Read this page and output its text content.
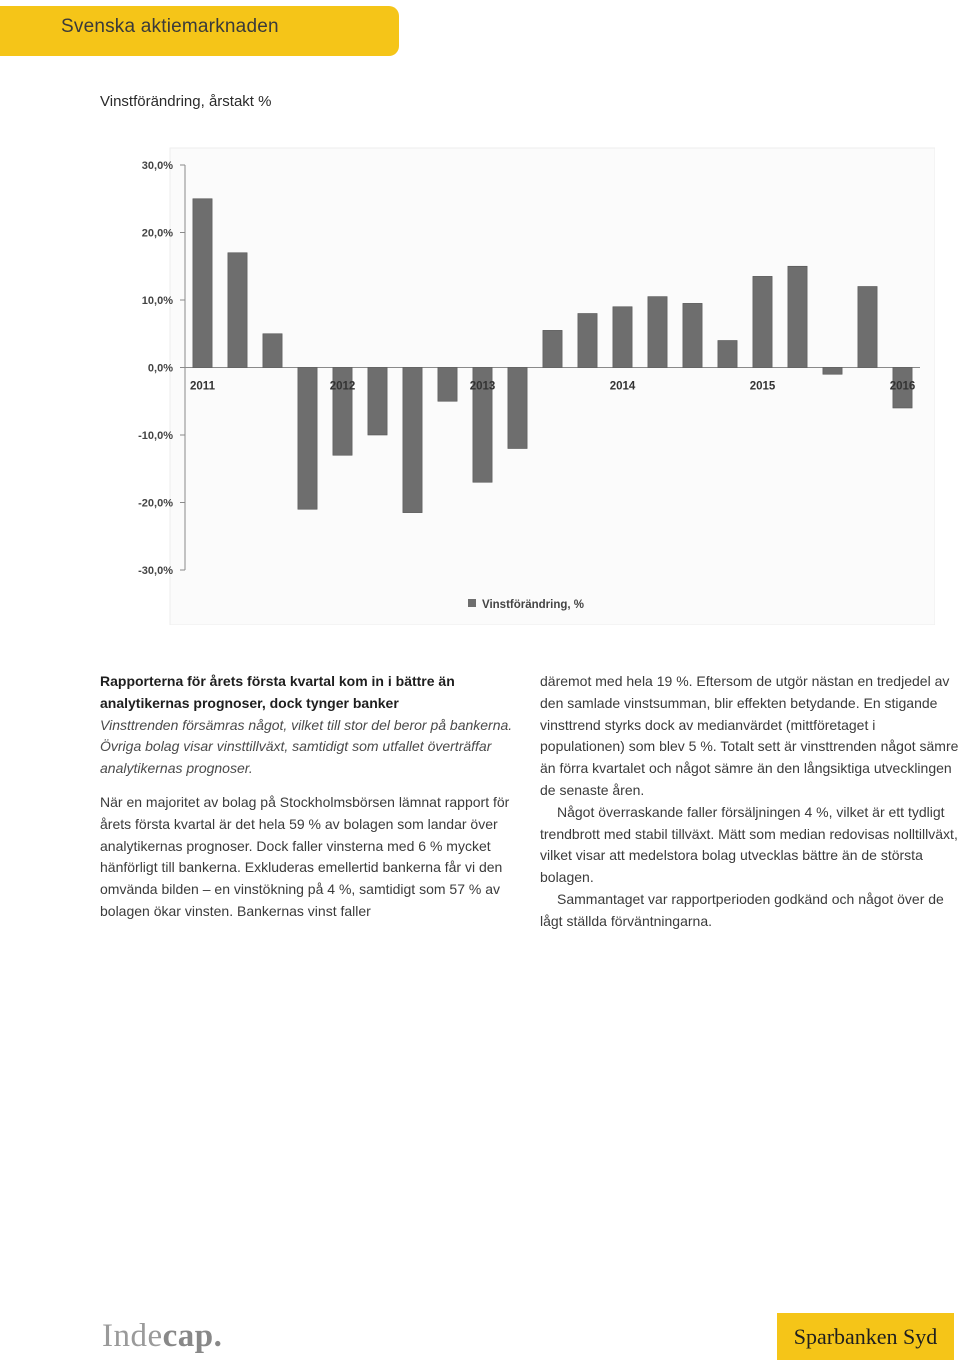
Svenska aktiemarknaden
Vinstförändring, årstakt %
30,0%
20,0%
10,0%
0,0%
-10,0%
-20,0%
-30,0%
2011	2012	2013	2014	2015	2016
Vinstförändring, %

Rapporterna för årets första kvartal kom in i bättre än

analytikernas prognoser, dock tynger banker

Vinsttrenden försämras något, vilket till stor del beror på bankerna. Övriga bolag visar vinsttillväxt, samtidigt som utfallet överträffar analytikernas prognoser.

När en majoritet av bolag på Stockholmsbörsen lämnat rapport för årets första kvartal är det hela 59 % av bolagen som landar över analytikernas prognoser. Dock faller vinsterna med 6 % mycket hänförligt till bankerna. Exkluderas emellertid bankerna får vi den omvända bilden – en vinstökning på 4 %, samtidigt som 57 % av bolagen ökar vinsten. Bankernas vinst faller

däremot med hela 19 %. Eftersom de utgör nästan en tredjedel av den samlade vinstsumman, blir effekten betydande. En stigande vinsttrend styrks dock av medianvärdet (mittföretaget i populationen) som blev 5 %. Totalt sett är vinsttrenden något sämre än förra kvartalet och något sämre än den långsiktiga utvecklingen de senaste åren.

Något överraskande faller försäljningen 4 %, vilket är ett tydligt trendbrott med stabil tillväxt. Mätt som median redovisas nolltillväxt, vilket visar att medelstora bolag utvecklas bättre än de största bolagen.

Sammantaget var rapportperioden godkänd och något över de lågt ställda förväntningarna.

Indecap.	Sparbanken Syd
